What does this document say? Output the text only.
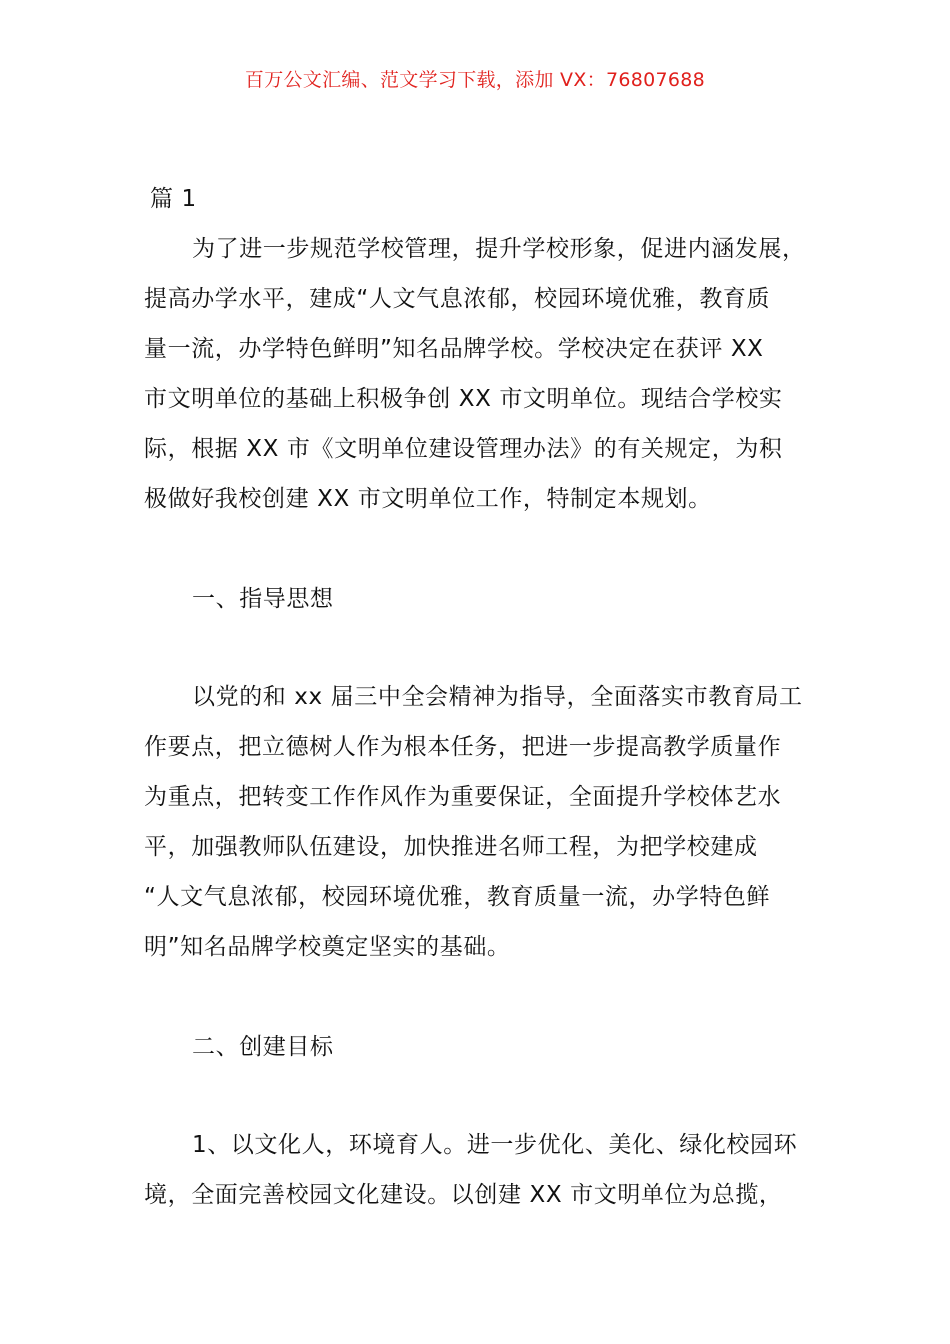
百万公文汇编、范文学习下载，添加 VX：76807688
篇 1
为了进一步规范学校管理，提升学校形象，促进内涵发展，
提高办学水平，建成“人文气息浓郁，校园环境优雅，教育质
量一流，办学特色鲜明”知名品牌学校。学校决定在获评 XX
市文明单位的基础上积极争创 XX 市文明单位。现结合学校实
际，根据 XX 市《文明单位建设管理办法》的有关规定，为积
极做好我校创建 XX 市文明单位工作，特制定本规划。
一、指导思想
以党的和 xx 届三中全会精神为指导，全面落实市教育局工
作要点，把立德树人作为根本任务，把进一步提高教学质量作
为重点，把转变工作作风作为重要保证，全面提升学校体艺水
平，加强教师队伍建设，加快推进名师工程，为把学校建成
“人文气息浓郁，校园环境优雅，教育质量一流，办学特色鲜
明”知名品牌学校奠定坚实的基础。
二、创建目标
1、以文化人，环境育人。进一步优化、美化、绿化校园环
境，全面完善校园文化建设。以创建 XX 市文明单位为总揽，
